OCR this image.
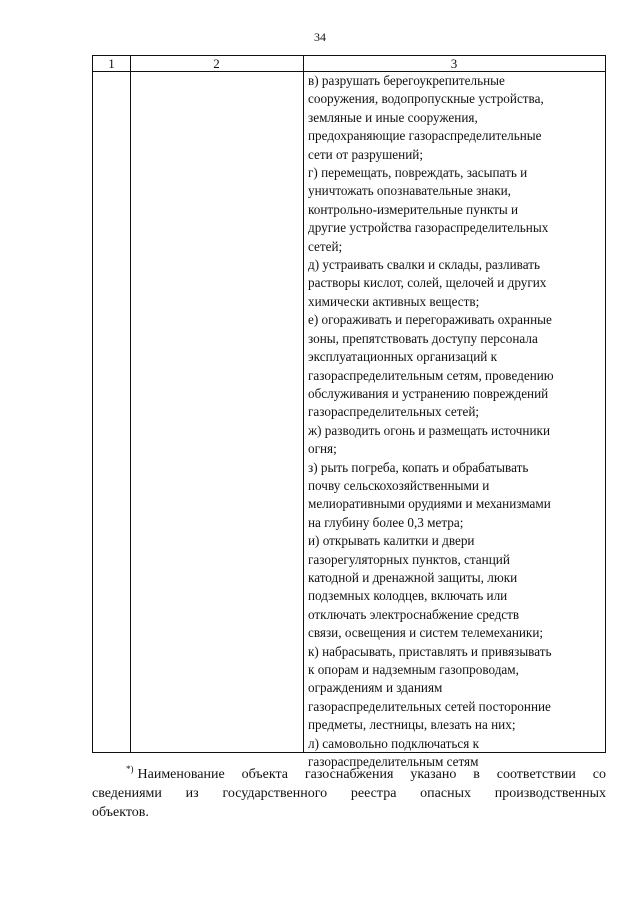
34
1	2	3
в) разрушать берегоукрепительные
сооружения, водопропускные устройства,
земляные и иные сооружения,
предохраняющие газораспределительные
сети от разрушений;
г) перемещать, повреждать, засыпать и
уничтожать опознавательные знаки,
контрольно-измерительные пункты и
другие устройства газораспределительных
сетей;
д) устраивать свалки и склады, разливать
растворы кислот, солей, щелочей и других
химически активных веществ;
е) огораживать и перегораживать охранные
зоны, препятствовать доступу персонала
эксплуатационных организаций к
газораспределительным сетям, проведению
обслуживания и устранению повреждений
газораспределительных сетей;
ж) разводить огонь и размещать источники
огня;
з) рыть погреба, копать и обрабатывать
почву сельскохозяйственными и
мелиоративными орудиями и механизмами
на глубину более 0,3 метра;
и) открывать калитки и двери
газорегуляторных пунктов, станций
катодной и дренажной защиты, люки
подземных колодцев, включать или
отключать электроснабжение средств
связи, освещения и систем телемеханики;
к) набрасывать, приставлять и привязывать
к опорам и надземным газопроводам,
ограждениям и зданиям
газораспределительных сетей посторонние
предметы, лестницы, влезать на них;
л) самовольно подключаться к
газораспределительным сетям
*) Наименование объекта газоснабжения указано в соответствии со
сведениями из государственного реестра опасных производственных
объектов.
